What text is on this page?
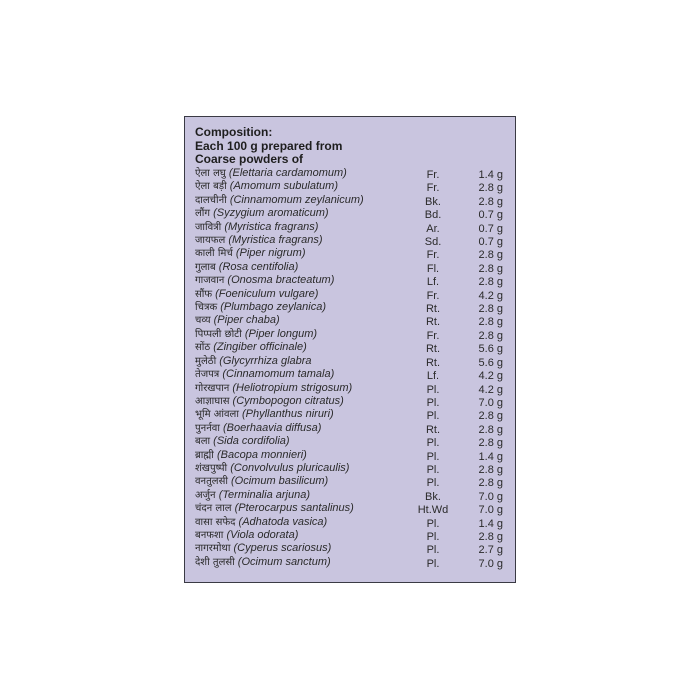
Composition:
Each 100 g prepared from
Coarse powders of
ऐला लघु (Elettaria cardamomum)	Fr.	1.4 g
ऐला बड़ी (Amomum subulatum)	Fr.	2.8 g
दालचीनी (Cinnamomum zeylanicum)	Bk.	2.8 g
लौंग (Syzygium aromaticum)	Bd.	0.7 g
जावित्री (Myristica fragrans)	Ar.	0.7 g
जायफल (Myristica fragrans)	Sd.	0.7 g
काली मिर्च (Piper nigrum)	Fr.	2.8 g
गुलाब (Rosa centifolia)	Fl.	2.8 g
गाजवान (Onosma bracteatum)	Lf.	2.8 g
सौंफ (Foeniculum vulgare)	Fr.	4.2 g
चित्रक (Plumbago zeylanica)	Rt.	2.8 g
चव्य (Piper chaba)	Rt.	2.8 g
पिप्पली छोटी (Piper longum)	Fr.	2.8 g
सोंठ (Zingiber officinale)	Rt.	5.6 g
मुलेठी (Glycyrrhiza glabra	Rt.	5.6 g
तेजपत्र (Cinnamomum tamala)	Lf.	4.2 g
गोरखपान (Heliotropium strigosum)	Pl.	4.2 g
आज्ञाघास (Cymbopogon citratus)	Pl.	7.0 g
भूमि आंवला (Phyllanthus niruri)	Pl.	2.8 g
पुनर्नवा (Boerhaavia diffusa)	Rt.	2.8 g
बला (Sida cordifolia)	Pl.	2.8 g
ब्राह्मी (Bacopa monnieri)	Pl.	1.4 g
शंखपुष्पी (Convolvulus pluricaulis)	Pl.	2.8 g
वनतुलसी (Ocimum basilicum)	Pl.	2.8 g
अर्जुन (Terminalia arjuna)	Bk.	7.0 g
चंदन लाल (Pterocarpus santalinus)	Ht.Wd	7.0 g
वासा सफेद (Adhatoda vasica)	Pl.	1.4 g
बनफशा (Viola odorata)	Pl.	2.8 g
नागरमोथा (Cyperus scariosus)	Pl.	2.7 g
देशी तुलसी (Ocimum sanctum)	Pl.	7.0 g
